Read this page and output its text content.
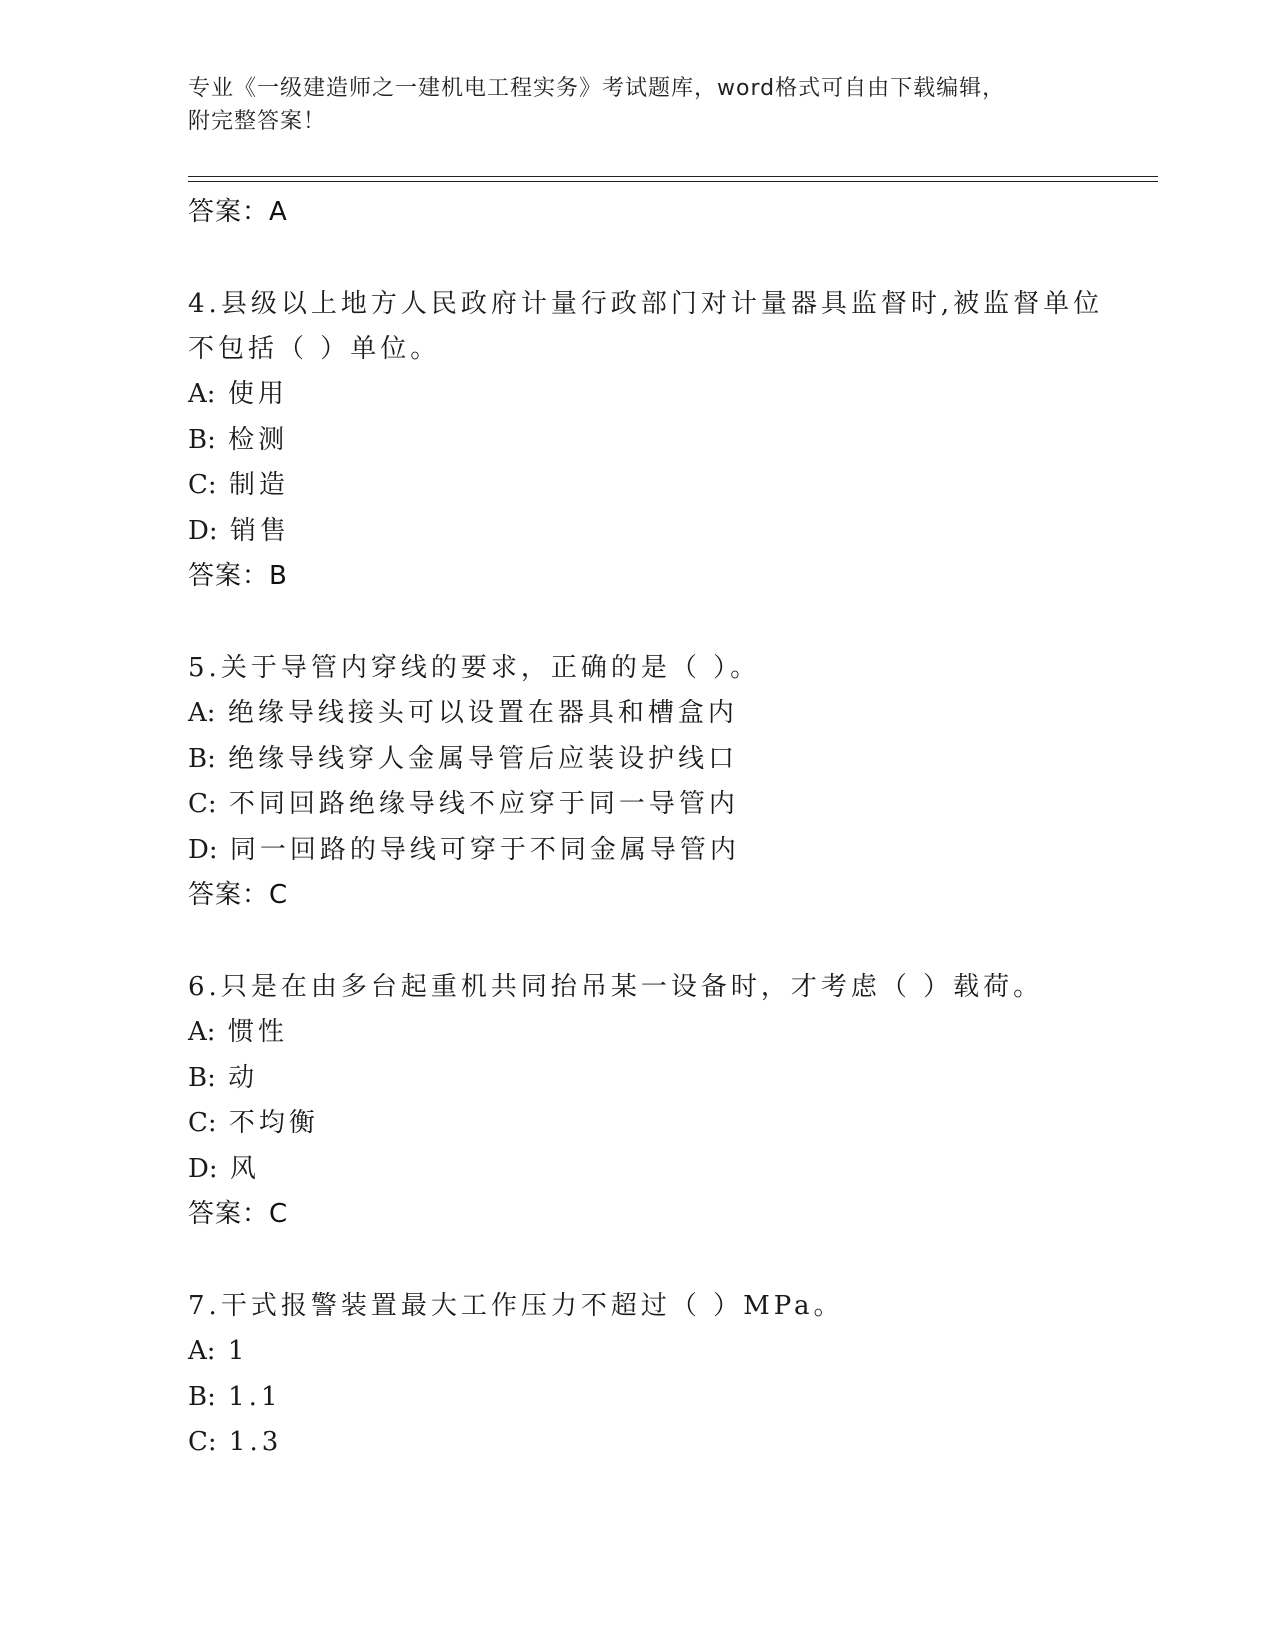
专业《一级建造师之一建机电工程实务》考试题库，word格式可自由下载编辑，
附完整答案！
答案：A
4.县级以上地方人民政府计量行政部门对计量器具监督时,被监督单位
不包括（ ）单位。
A: 使用
B: 检测
C: 制造
D: 销售
答案：B
5.关于导管内穿线的要求，正确的是（ ）。
A: 绝缘导线接头可以设置在器具和槽盒内
B: 绝缘导线穿人金属导管后应装设护线口
C: 不同回路绝缘导线不应穿于同一导管内
D: 同一回路的导线可穿于不同金属导管内
答案：C
6.只是在由多台起重机共同抬吊某一设备时，才考虑（ ）载荷。
A: 惯性
B: 动
C: 不均衡
D: 风
答案：C
7.干式报警装置最大工作压力不超过（ ）MPa。
A: 1
B: 1.1
C: 1.3
